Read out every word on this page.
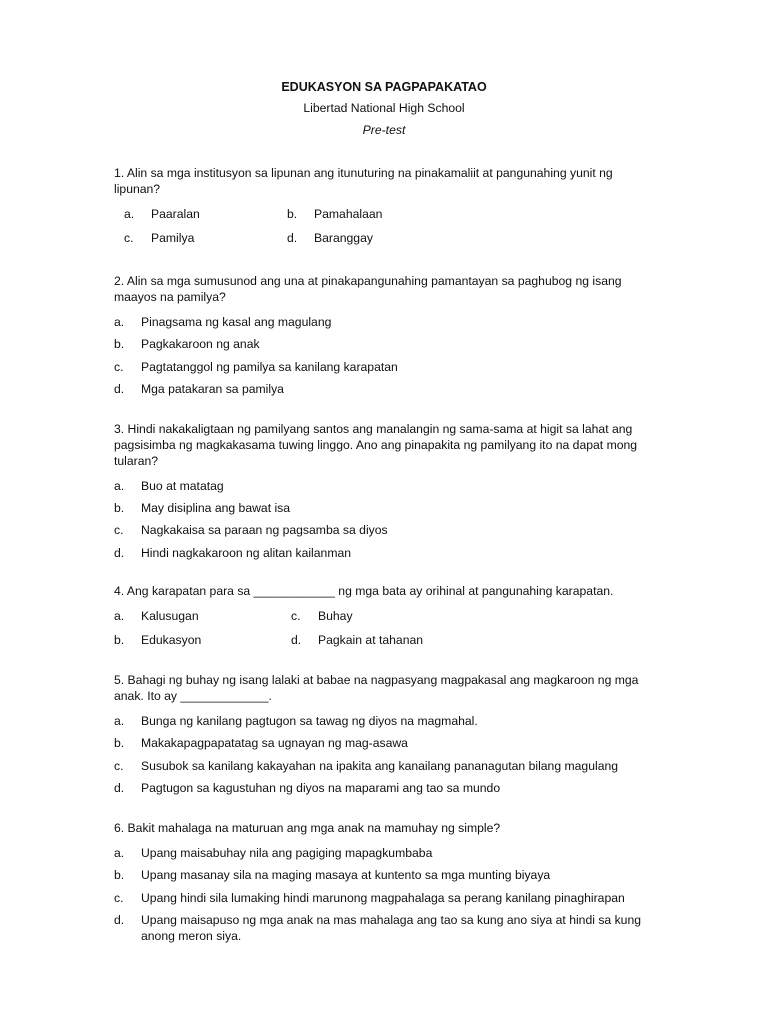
EDUKASYON SA PAGPAPAKATAO
Libertad National High School
Pre-test

1. Alin sa mga institusyon sa lipunan ang itunuturing na pinakamaliit at pangunahing yunit ng lipunan?

a.	Paaralan	b.	Pamahalaan
c.	Pamilya	d.	Baranggay

2. Alin sa mga sumusunod ang una at pinakapangunahing pamantayan sa paghubog ng isang maayos na pamilya?

a.	Pinagsama ng kasal ang magulang
b.	Pagkakaroon ng anak
c.	Pagtatanggol ng pamilya sa kanilang karapatan
d.	Mga patakaran sa pamilya

3. Hindi nakakaligtaan ng pamilyang santos ang manalangin ng sama-sama at higit sa lahat ang pagsisimba ng magkakasama tuwing linggo. Ano ang pinapakita ng pamilyang ito na dapat mong tularan?

a.	Buo at matatag
b.	May disiplina ang bawat isa
c.	Nagkakaisa sa paraan ng pagsamba sa diyos
d.	Hindi nagkakaroon ng alitan kailanman

4. Ang karapatan para sa ____________ ng mga bata ay orihinal at pangunahing karapatan.

a.	Kalusugan	c.	Buhay
b.	Edukasyon	d.	Pagkain at tahanan

5. Bahagi ng buhay ng isang lalaki at babae na nagpasyang magpakasal ang magkaroon ng mga anak. Ito ay _____________.

a.	Bunga ng kanilang pagtugon sa tawag ng diyos na magmahal.
b.	Makakapagpapatatag sa ugnayan ng mag-asawa
c.	Susubok sa kanilang kakayahan na ipakita ang kanailang pananagutan bilang magulang
d.	Pagtugon sa kagustuhan ng diyos na maparami ang tao sa mundo

6. Bakit mahalaga na maturuan ang mga anak na mamuhay ng simple?

a.	Upang maisabuhay nila ang pagiging mapagkumbaba
b.	Upang masanay sila na maging masaya at kuntento sa mga munting biyaya
c.	Upang hindi sila lumaking hindi marunong magpahalaga sa perang kanilang pinaghirapan
d.	Upang maisapuso ng mga anak na mas mahalaga ang tao sa kung ano siya at hindi sa kung anong meron siya.
